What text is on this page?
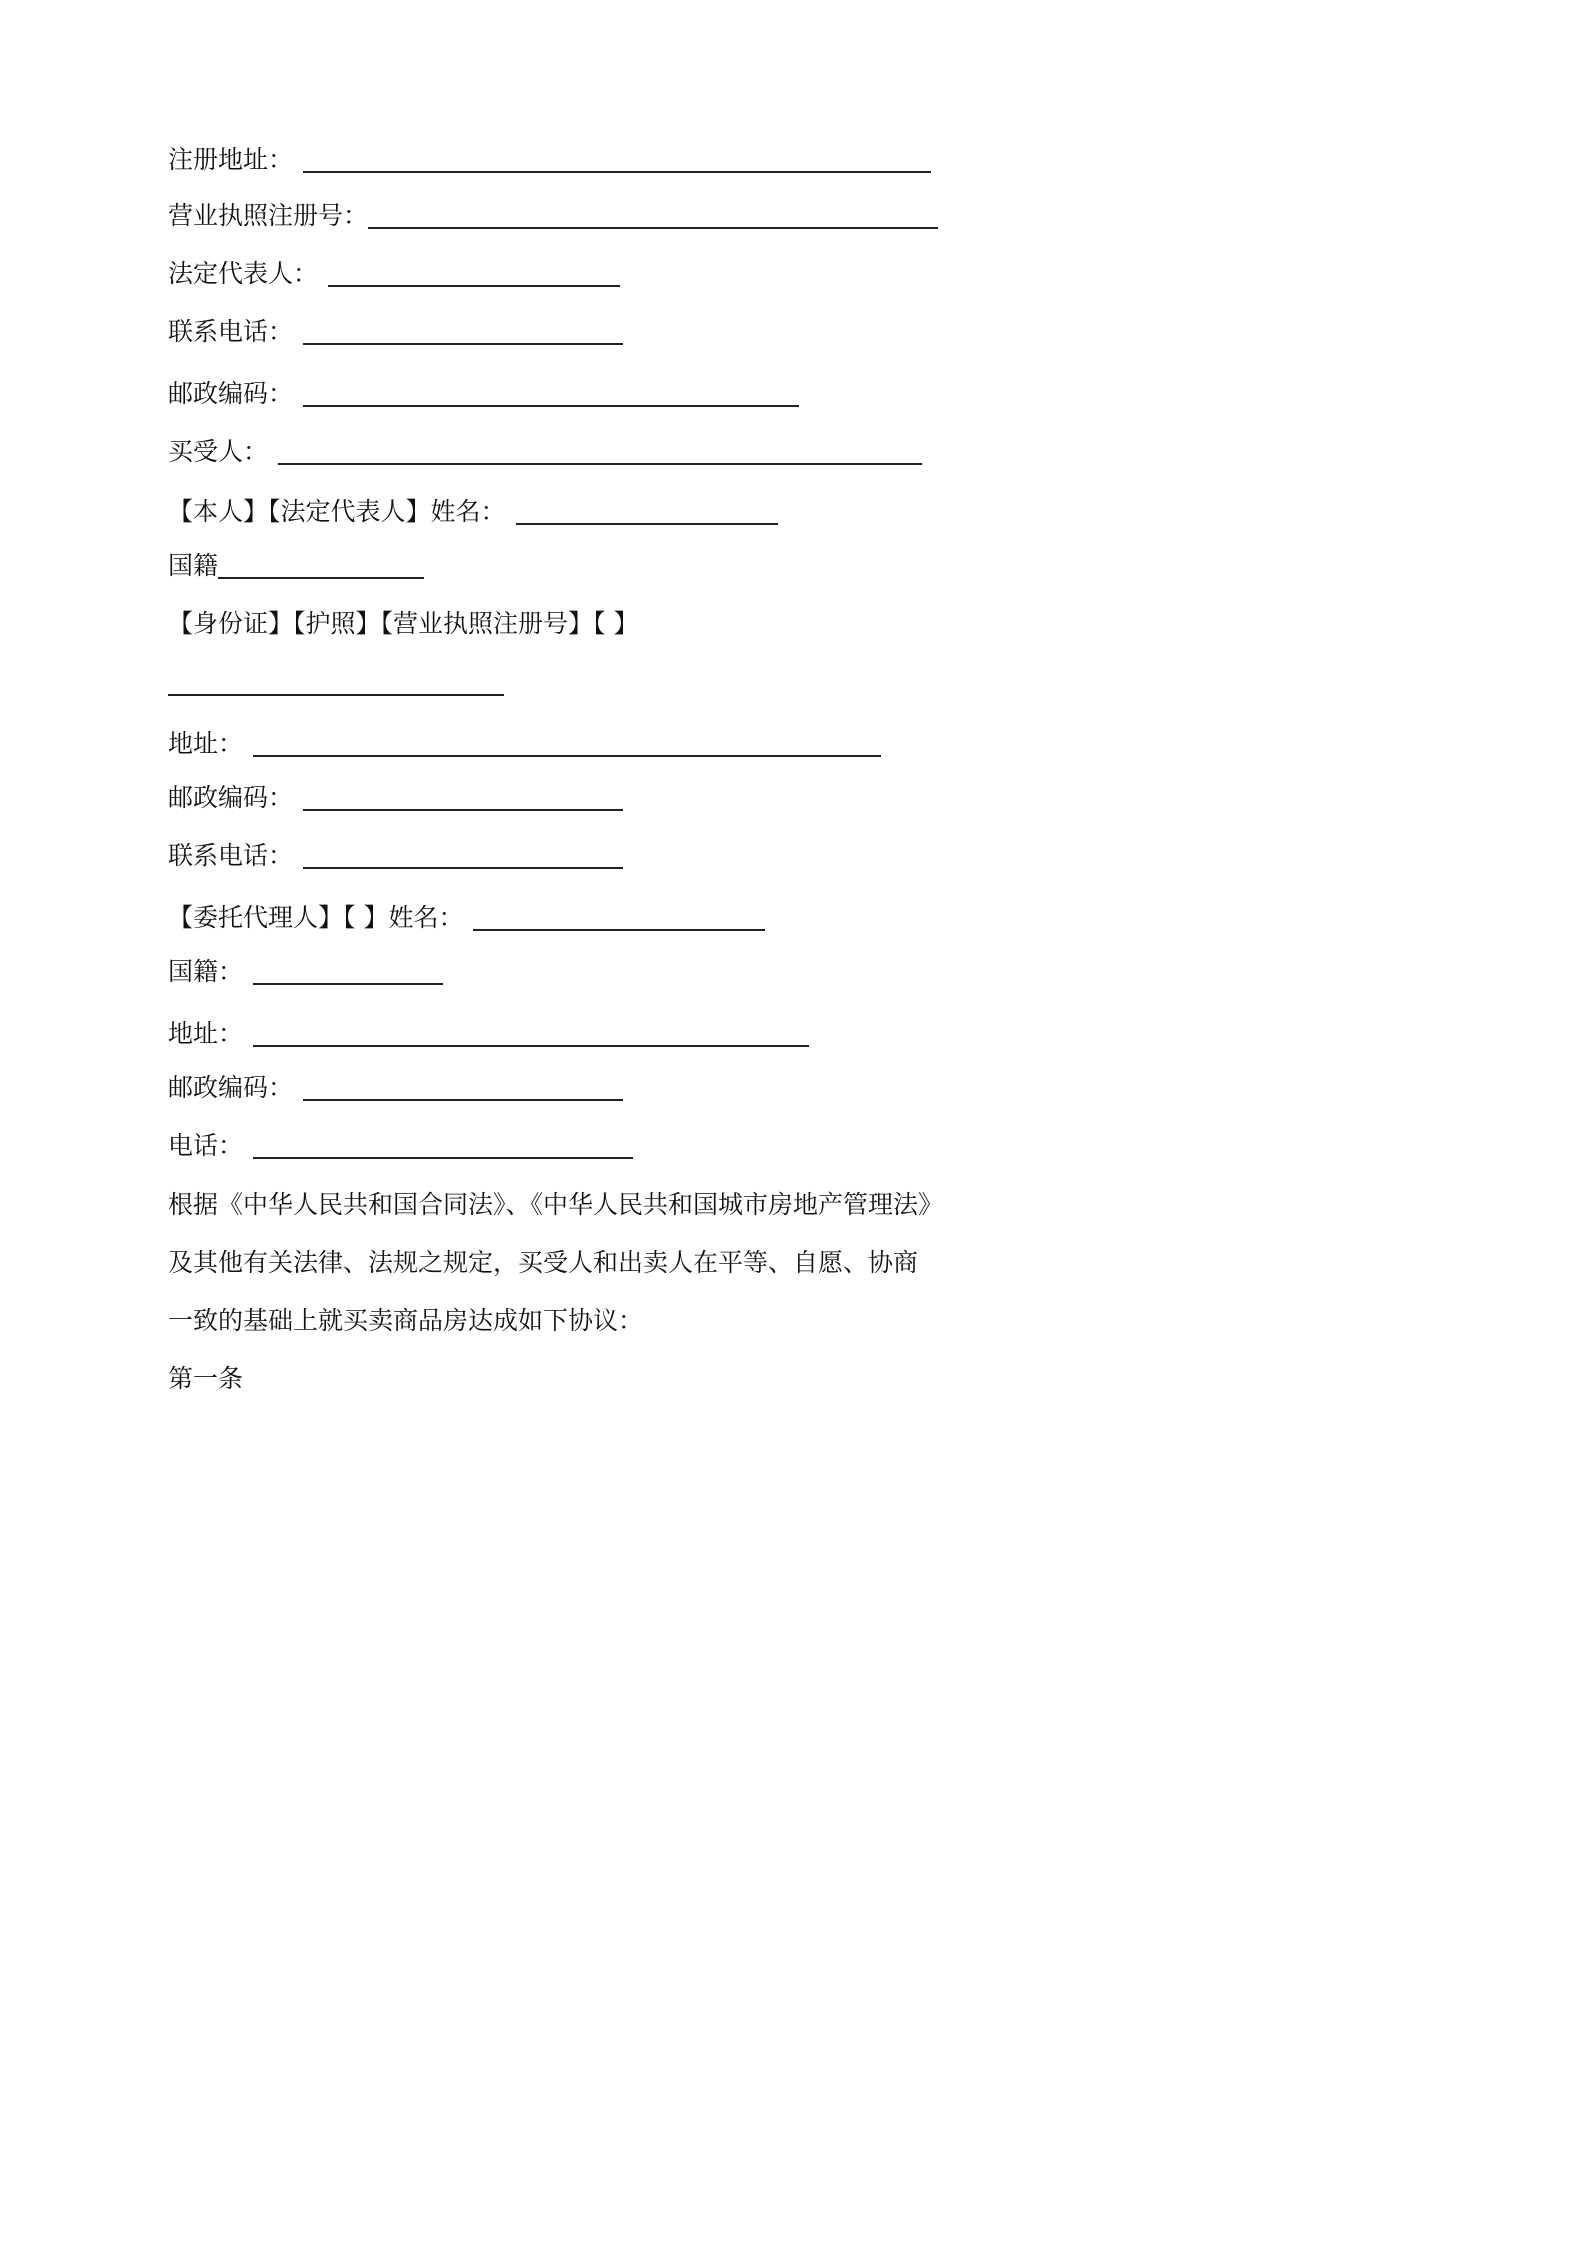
注册地址：
营业执照注册号：
法定代表人：
联系电话：
邮政编码：
买受人：
【本人】【法定代表人】姓名：
国籍
【身份证】【护照】【营业执照注册号】【 】
地址：
邮政编码：
联系电话：
【委托代理人】【 】姓名：
国籍：
地址：
邮政编码：
电话：
根据《中华人民共和国合同法》、《中华人民共和国城市房地产管理法》
及其他有关法律、法规之规定，买受人和出卖人在平等、自愿、协商
一致的基础上就买卖商品房达成如下协议：
第一条
